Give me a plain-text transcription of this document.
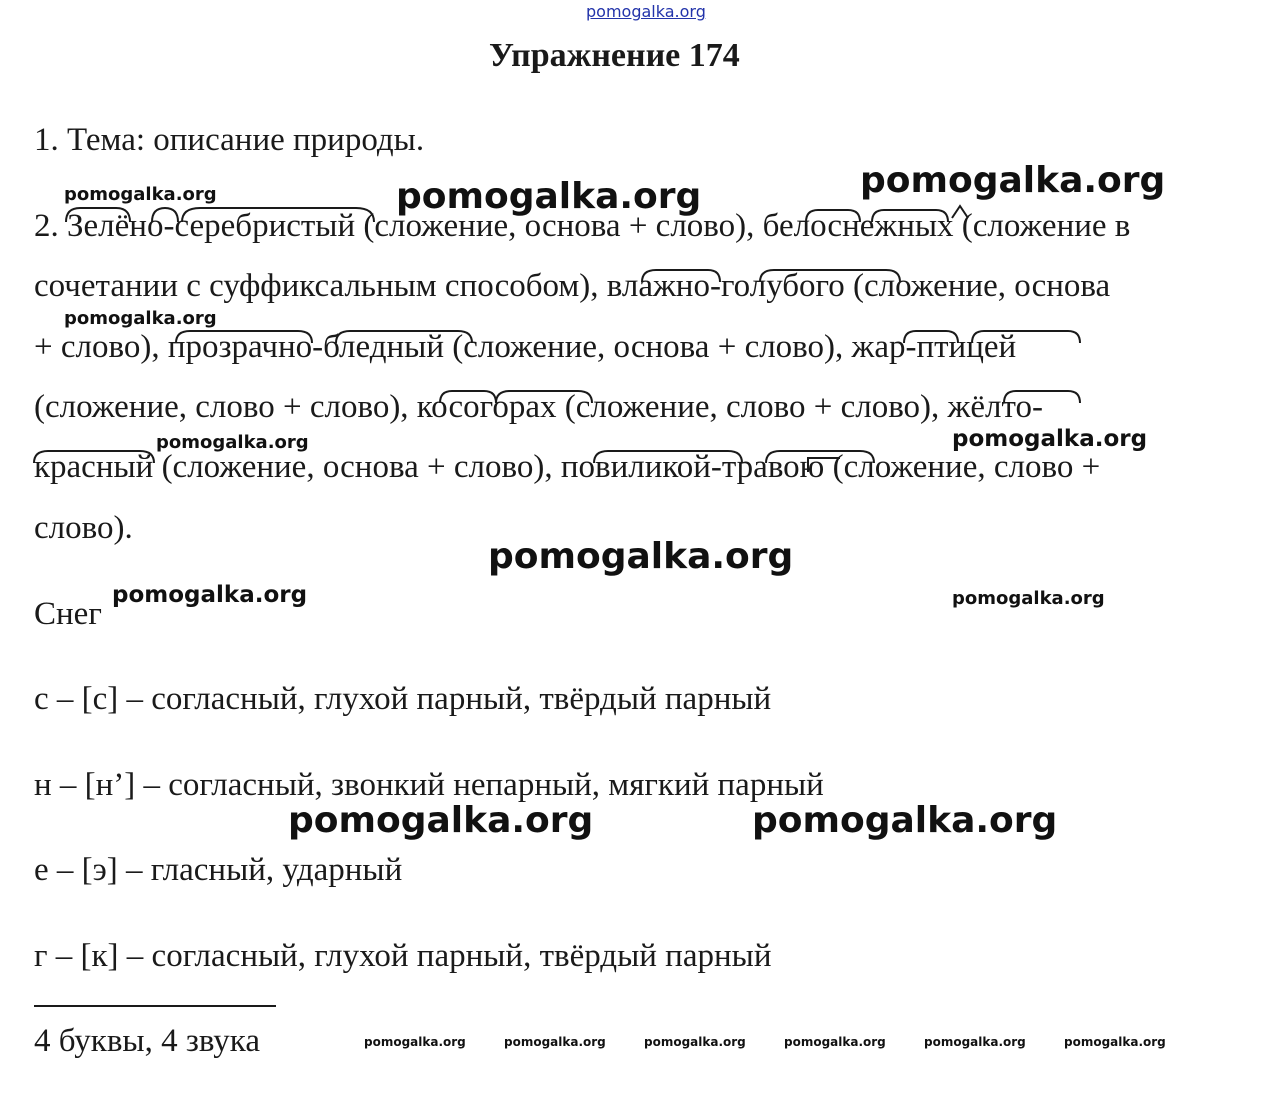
pomogalka.org
Упражнение 174
1. Тема: описание природы.
2. Зелёно-серебристый (сложение, основа + слово), белоснежных (сложение в
сочетании с суффиксальным способом), влажно-голубого (сложение, основа
+ слово), прозрачно-бледный (сложение, основа + слово), жар-птицей
(сложение, слово + слово), косогорах (сложение, слово + слово), жёлто-
красный (сложение, основа + слово), повиликой-травою (сложение, слово +
слово).
Снег
с – [с] – согласный, глухой парный, твёрдый парный
н – [н’] – согласный, звонкий непарный, мягкий парный
е – [э] – гласный, ударный
г – [к] – согласный, глухой парный, твёрдый парный
4 буквы, 4 звука
pomogalka.org	pomogalka.org	pomogalka.org
pomogalka.org
pomogalka.org	pomogalka.org
pomogalka.org
pomogalka.org	pomogalka.org
pomogalka.org	pomogalka.org
pomogalka.org	pomogalka.org	pomogalka.org	pomogalka.org	pomogalka.org	pomogalka.org
